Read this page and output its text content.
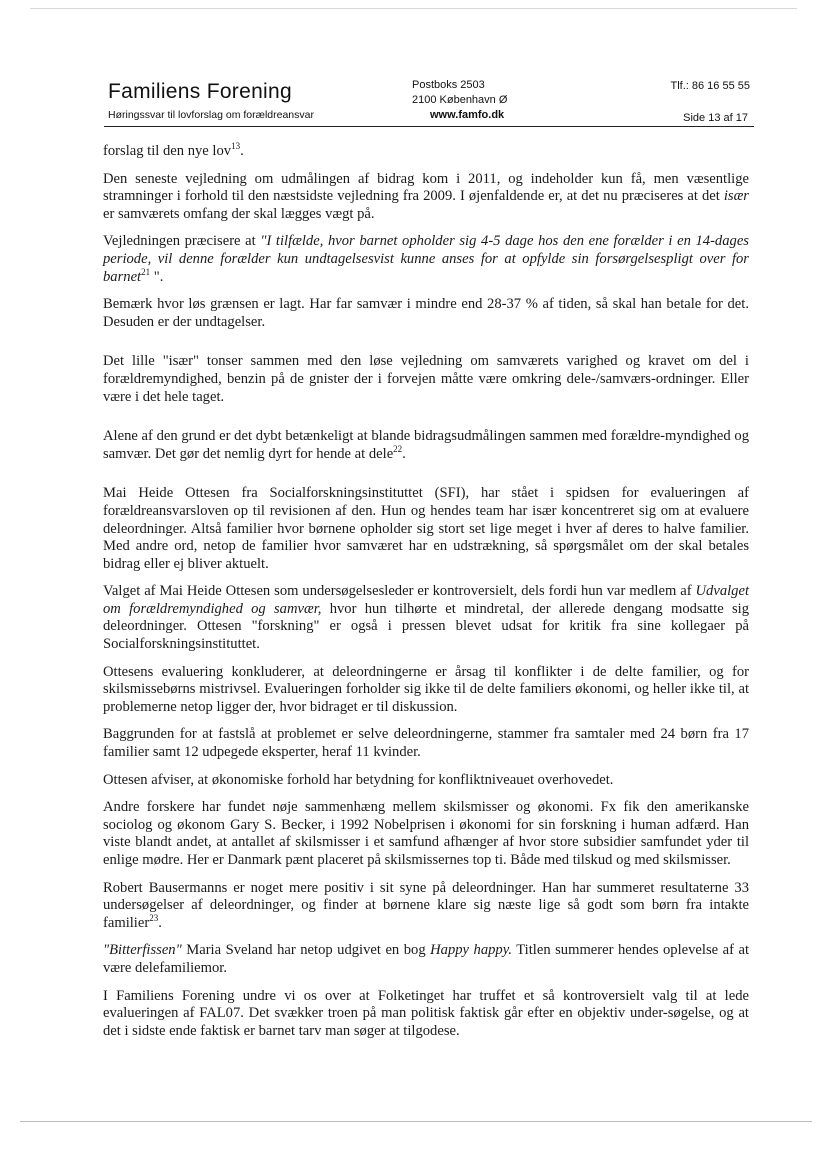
Familiens Forening
Høringssvar til lovforslag om forældreansvar
Postboks 2503
2100 København Ø
www.famfo.dk
Tlf.: 86 16 55 55
Side 13 af 17

forslag til den nye lov$^{13}$.

Den seneste vejledning om udmålingen af bidrag kom i 2011, og indeholder kun få, men væsentlige stramninger i forhold til den næstsidste vejledning fra 2009. I øjenfaldende er, at det nu præciseres at det især er samværets omfang der skal lægges vægt på.

Vejledningen præcisere at "I tilfælde, hvor barnet opholder sig 4-5 dage hos den ene forælder i en 14-dages periode, vil denne forælder kun undtagelsesvist kunne anses for at opfylde sin forsørgelsespligt over for barnet$^{21}$ ".

Bemærk hvor løs grænsen er lagt. Har far samvær i mindre end 28-37 % af tiden, så skal han betale for det. Desuden er der undtagelser.

Det lille "især" tonser sammen med den løse vejledning om samværets varighed og kravet om del i forældremyndighed, benzin på de gnister der i forvejen måtte være omkring dele-/samværs-ordninger. Eller være i det hele taget.

Alene af den grund er det dybt betænkeligt at blande bidragsudmålingen sammen med forældre-myndighed og samvær. Det gør det nemlig dyrt for hende at dele$^{22}$.

Mai Heide Ottesen fra Socialforskningsinstituttet (SFI), har stået i spidsen for evalueringen af forældreansvarsloven op til revisionen af den. Hun og hendes team har især koncentreret sig om at evaluere deleordninger. Altså familier hvor børnene opholder sig stort set lige meget i hver af deres to halve familier. Med andre ord, netop de familier hvor samværet har en udstrækning, så spørgsmålet om der skal betales bidrag eller ej bliver aktuelt.

Valget af Mai Heide Ottesen som undersøgelsesleder er kontroversielt, dels fordi hun var medlem af Udvalget om forældremyndighed og samvær, hvor hun tilhørte et mindretal, der allerede dengang modsatte sig deleordninger. Ottesen "forskning" er også i pressen blevet udsat for kritik fra sine kollegaer på Socialforskningsinstituttet.

Ottesens evaluering konkluderer, at deleordningerne er årsag til konflikter i de delte familier, og for skilsmissebørns mistrivsel. Evalueringen forholder sig ikke til de delte familiers økonomi, og heller ikke til, at problemerne netop ligger der, hvor bidraget er til diskussion.

Baggrunden for at fastslå at problemet er selve deleordningerne, stammer fra samtaler med 24 børn fra 17 familier samt 12 udpegede eksperter, heraf 11 kvinder.

Ottesen afviser, at økonomiske forhold har betydning for konfliktniveauet overhovedet.

Andre forskere har fundet nøje sammenhæng mellem skilsmisser og økonomi. Fx fik den amerikanske sociolog og økonom Gary S. Becker, i 1992 Nobelprisen i økonomi for sin forskning i human adfærd. Han viste blandt andet, at antallet af skilsmisser i et samfund afhænger af hvor store subsidier samfundet yder til enlige mødre. Her er Danmark pænt placeret på skilsmissernes top ti. Både med tilskud og med skilsmisser.

Robert Bausermanns er noget mere positiv i sit syne på deleordninger. Han har summeret resultaterne 33 undersøgelser af deleordninger, og finder at børnene klare sig næste lige så godt som børn fra intakte familier$^{23}$.

"Bitterfissen" Maria Sveland har netop udgivet en bog Happy happy. Titlen summerer hendes oplevelse af at være delefamiliemor.

I Familiens Forening undre vi os over at Folketinget har truffet et så kontroversielt valg til at lede evalueringen af FAL07. Det svækker troen på man politisk faktisk går efter en objektiv under-søgelse, og at det i sidste ende faktisk er barnet tarv man søger at tilgodese.
